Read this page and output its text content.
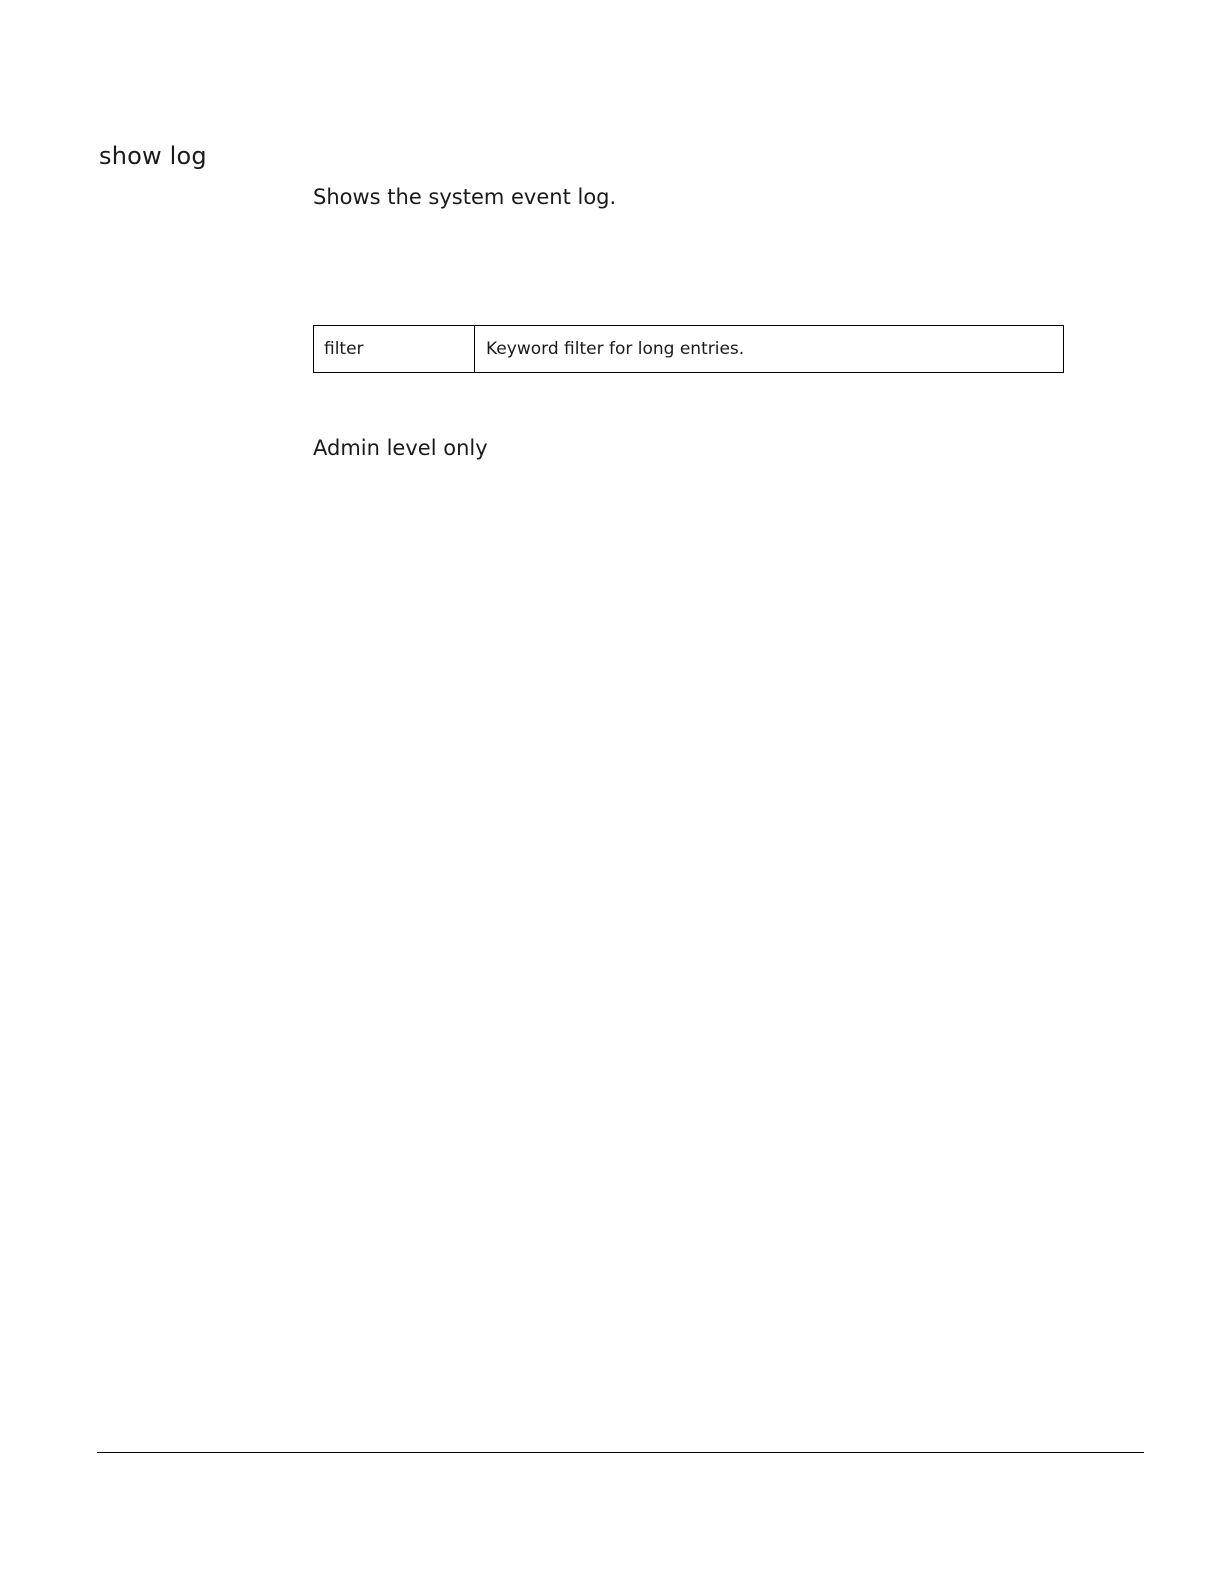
show log

Shows the system event log.

filter	Keyword filter for long entries.

Admin level only
